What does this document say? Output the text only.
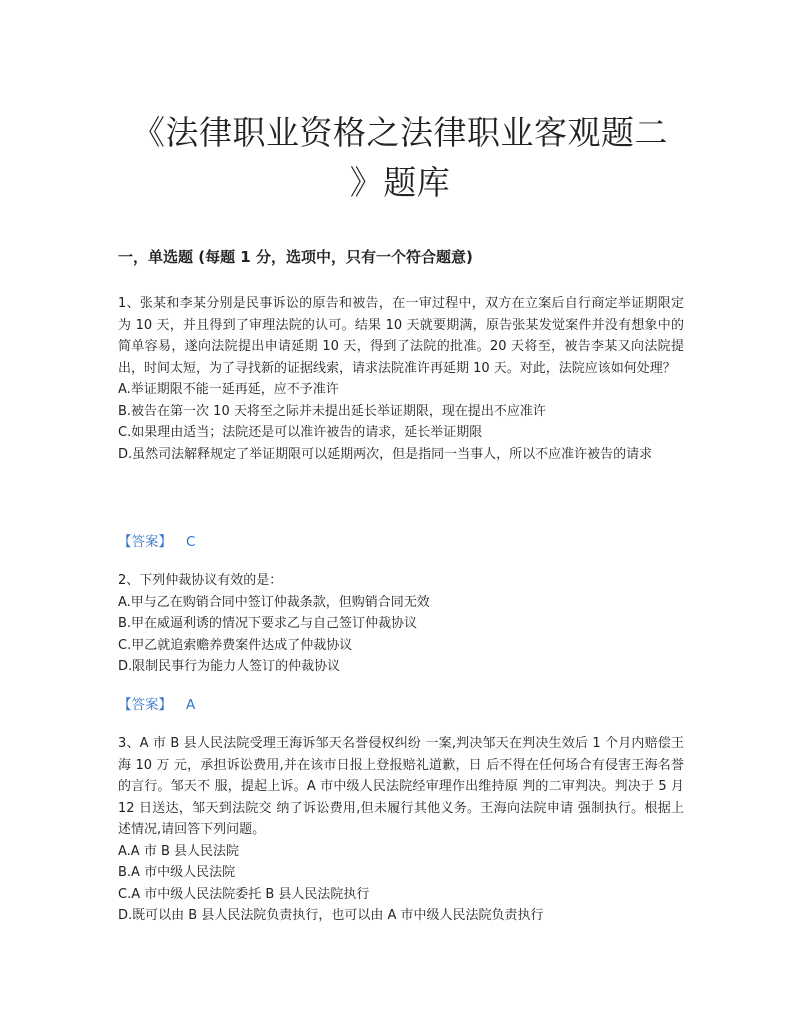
《法律职业资格之法律职业客观题二
》题库
一，单选题 (每题 1 分，选项中，只有一个符合题意)

1、张某和李某分别是民事诉讼的原告和被告，在一审过程中，双方在立案后自行商定举证期限定为 10 天，并且得到了审理法院的认可。结果 10 天就要期满，原告张某发觉案件并没有想象中的简单容易，遂向法院提出申请延期 10 天，得到了法院的批准。20 天将至，被告李某又向法院提出，时间太短，为了寻找新的证据线索，请求法院准许再延期 10 天。对此，法院应该如何处理？

A.举证期限不能一延再延，应不予准许

B.被告在第一次 10 天将至之际并未提出延长举证期限，现在提出不应准许

C.如果理由适当；法院还是可以准许被告的请求，延长举证期限

D.虽然司法解释规定了举证期限可以延期两次，但是指同一当事人，所以不应准许被告的请求

【答案】 C

2、下列仲裁协议有效的是：

A.甲与乙在购销合同中签订仲裁条款，但购销合同无效

B.甲在威逼利诱的情况下要求乙与自己签订仲裁协议

C.甲乙就追索赡养费案件达成了仲裁协议

D.限制民事行为能力人签订的仲裁协议

【答案】 A

3、A 市 B 县人民法院受理王海诉邹天名誉侵权纠纷 一案,判决邹天在判决生效后 1 个月内赔偿王海 10 万 元，承担诉讼费用,并在该市日报上登报赔礼道歉，日 后不得在任何场合有侵害王海名誉的言行。邹天不 服，提起上诉。A 市中级人民法院经审理作出维持原 判的二审判决。判决于 5 月 12 日送达，邹天到法院交 纳了诉讼费用,但未履行其他义务。王海向法院申请 强制执行。根据上述情况,请回答下列问题。

A.A 市 B 县人民法院

B.A 市中级人民法院

C.A 市中级人民法院委托 B 县人民法院执行

D.既可以由 B 县人民法院负责执行，也可以由 A 市中级人民法院负责执行
